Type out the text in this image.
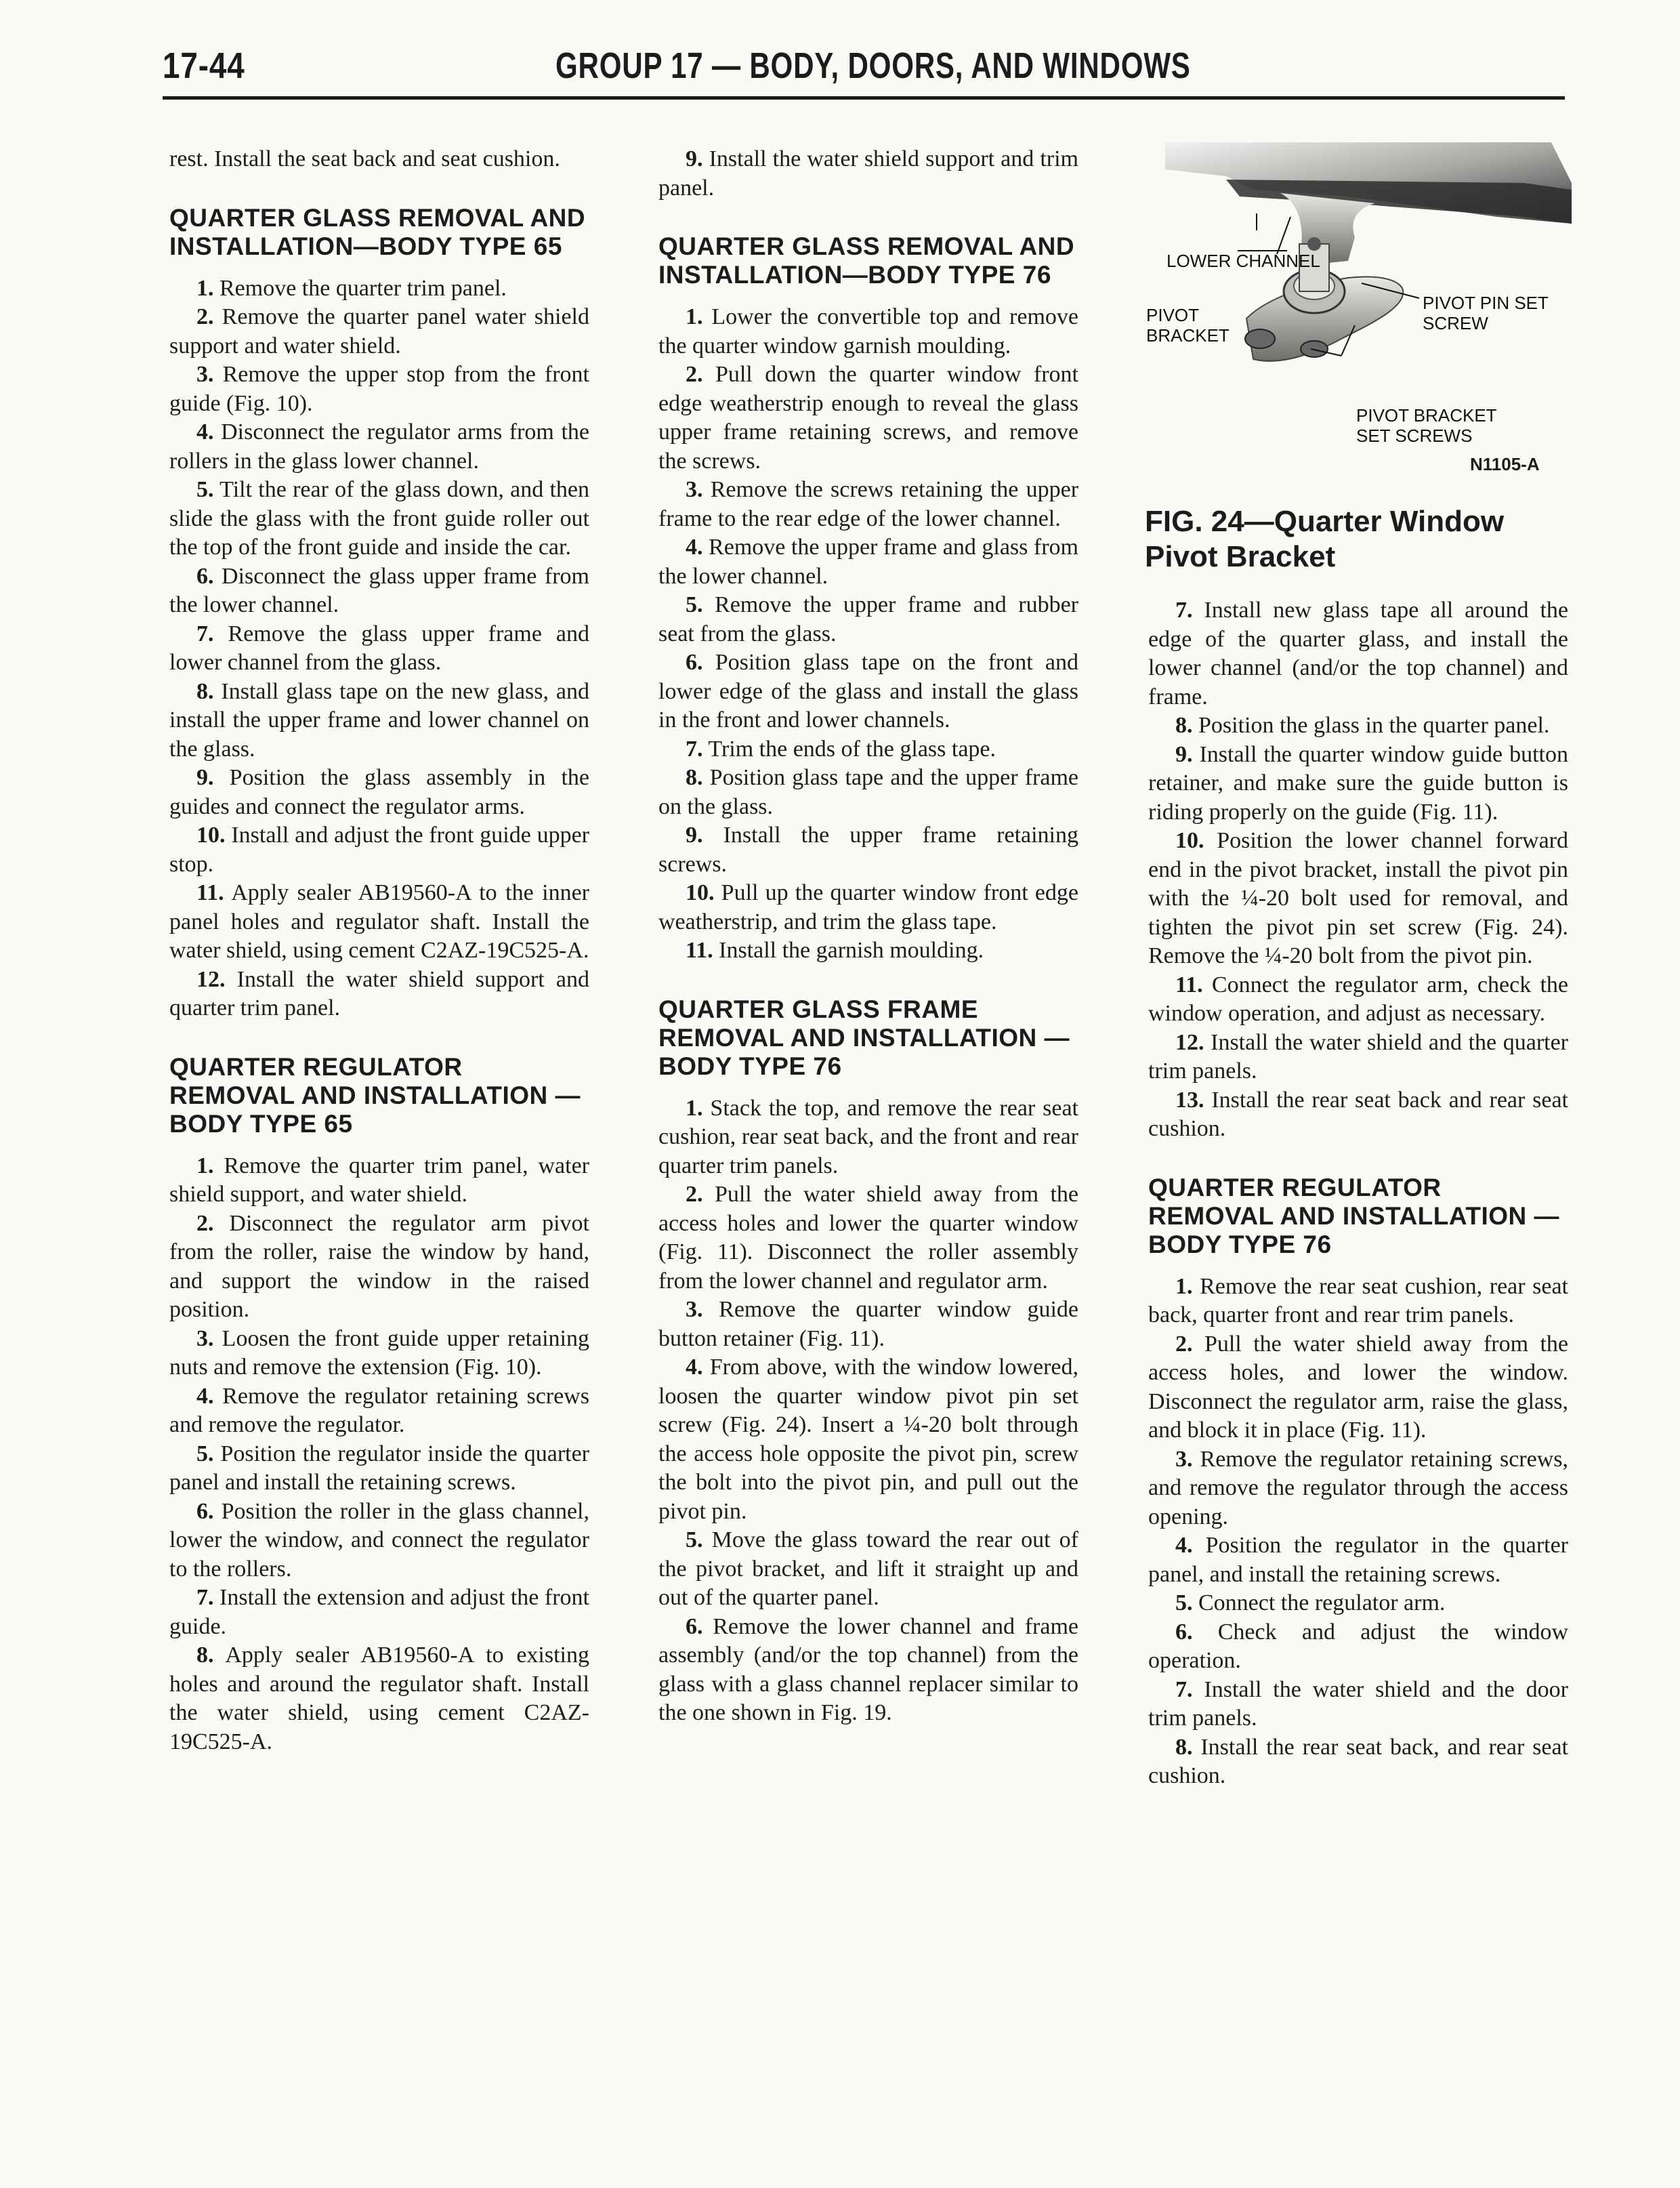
17-44	GROUP 17 — BODY, DOORS, AND WINDOWS

rest. Install the seat back and seat cushion.

QUARTER GLASS REMOVAL AND INSTALLATION—BODY TYPE 65

1. Remove the quarter trim panel.

2. Remove the quarter panel water shield support and water shield.

3. Remove the upper stop from the front guide (Fig. 10).

4. Disconnect the regulator arms from the rollers in the glass lower channel.

5. Tilt the rear of the glass down, and then slide the glass with the front guide roller out the top of the front guide and inside the car.

6. Disconnect the glass upper frame from the lower channel.

7. Remove the glass upper frame and lower channel from the glass.

8. Install glass tape on the new glass, and install the upper frame and lower channel on the glass.

9. Position the glass assembly in the guides and connect the regulator arms.

10. Install and adjust the front guide upper stop.

11. Apply sealer AB19560-A to the inner panel holes and regulator shaft. Install the water shield, using cement C2AZ-19C525-A.

12. Install the water shield support and quarter trim panel.

QUARTER REGULATOR REMOVAL AND INSTALLATION —BODY TYPE 65

1. Remove the quarter trim panel, water shield support, and water shield.

2. Disconnect the regulator arm pivot from the roller, raise the window by hand, and support the window in the raised position.

3. Loosen the front guide upper retaining nuts and remove the extension (Fig. 10).

4. Remove the regulator retaining screws and remove the regulator.

5. Position the regulator inside the quarter panel and install the retaining screws.

6. Position the roller in the glass channel, lower the window, and connect the regulator to the rollers.

7. Install the extension and adjust the front guide.

8. Apply sealer AB19560-A to existing holes and around the regulator shaft. Install the water shield, using cement C2AZ-19C525-A.

9. Install the water shield support and trim panel.

QUARTER GLASS REMOVAL AND INSTALLATION—BODY TYPE 76

1. Lower the convertible top and remove the quarter window garnish moulding.

2. Pull down the quarter window front edge weatherstrip enough to reveal the glass upper frame retaining screws, and remove the screws.

3. Remove the screws retaining the upper frame to the rear edge of the lower channel.

4. Remove the upper frame and glass from the lower channel.

5. Remove the upper frame and rubber seat from the glass.

6. Position glass tape on the front and lower edge of the glass and install the glass in the front and lower channels.

7. Trim the ends of the glass tape.

8. Position glass tape and the upper frame on the glass.

9. Install the upper frame retaining screws.

10. Pull up the quarter window front edge weatherstrip, and trim the glass tape.

11. Install the garnish moulding.

QUARTER GLASS FRAME REMOVAL AND INSTALLATION —BODY TYPE 76

1. Stack the top, and remove the rear seat cushion, rear seat back, and the front and rear quarter trim panels.

2. Pull the water shield away from the access holes and lower the quarter window (Fig. 11). Disconnect the roller assembly from the lower channel and regulator arm.

3. Remove the quarter window guide button retainer (Fig. 11).

4. From above, with the window lowered, loosen the quarter window pivot pin set screw (Fig. 24). Insert a ¼-20 bolt through the access hole opposite the pivot pin, screw the bolt into the pivot pin, and pull out the pivot pin.

5. Move the glass toward the rear out of the pivot bracket, and lift it straight up and out of the quarter panel.

6. Remove the lower channel and frame assembly (and/or the top channel) from the glass with a glass channel replacer similar to the one shown in Fig. 19.

LOWER CHANNEL
PIVOT BRACKET
PIVOT PIN SET SCREW
PIVOT BRACKET SET SCREWS
N1105-A
FIG. 24—Quarter Window Pivot Bracket

7. Install new glass tape all around the edge of the quarter glass, and install the lower channel (and/or the top channel) and frame.

8. Position the glass in the quarter panel.

9. Install the quarter window guide button retainer, and make sure the guide button is riding properly on the guide (Fig. 11).

10. Position the lower channel forward end in the pivot bracket, install the pivot pin with the ¼-20 bolt used for removal, and tighten the pivot pin set screw (Fig. 24). Remove the ¼-20 bolt from the pivot pin.

11. Connect the regulator arm, check the window operation, and adjust as necessary.

12. Install the water shield and the quarter trim panels.

13. Install the rear seat back and rear seat cushion.

QUARTER REGULATOR REMOVAL AND INSTALLATION —BODY TYPE 76

1. Remove the rear seat cushion, rear seat back, quarter front and rear trim panels.

2. Pull the water shield away from the access holes, and lower the window. Disconnect the regulator arm, raise the glass, and block it in place (Fig. 11).

3. Remove the regulator retaining screws, and remove the regulator through the access opening.

4. Position the regulator in the quarter panel, and install the retaining screws.

5. Connect the regulator arm.

6. Check and adjust the window operation.

7. Install the water shield and the door trim panels.

8. Install the rear seat back, and rear seat cushion.
